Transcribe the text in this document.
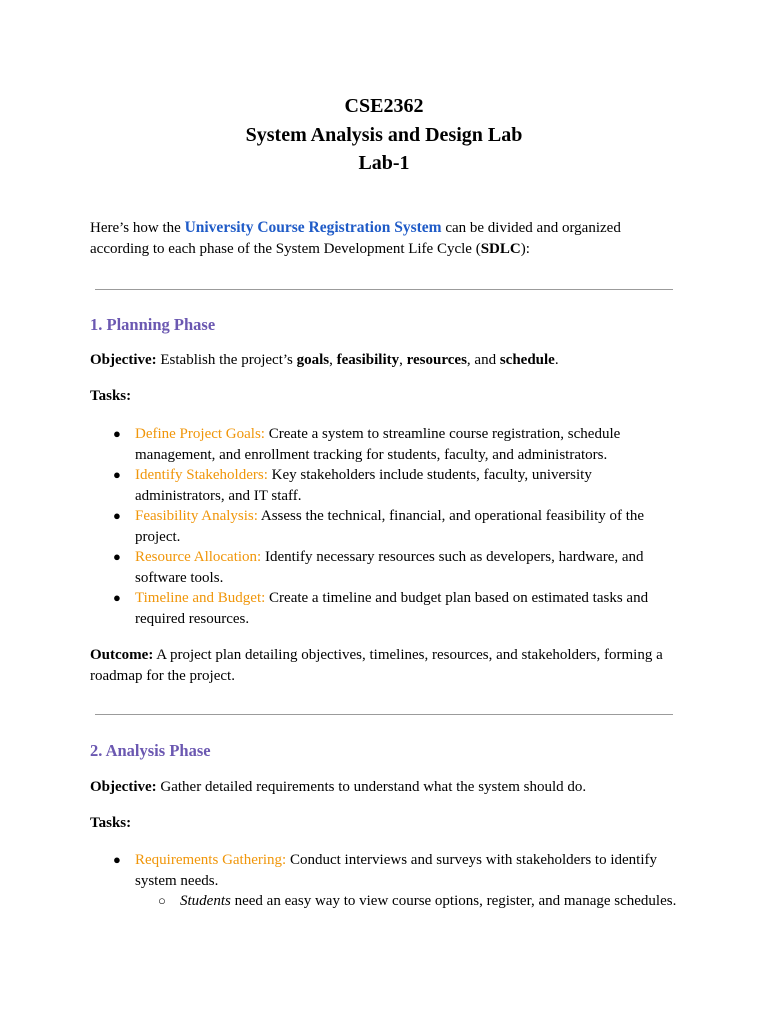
CSE2362
System Analysis and Design Lab
Lab-1

Here’s how the University Course Registration System can be divided and organized according to each phase of the System Development Life Cycle (SDLC):

1. Planning Phase

Objective: Establish the project’s goals, feasibility, resources, and schedule.

Tasks:

● Define Project Goals: Create a system to streamline course registration, schedule management, and enrollment tracking for students, faculty, and administrators.
● Identify Stakeholders: Key stakeholders include students, faculty, university administrators, and IT staff.
● Feasibility Analysis: Assess the technical, financial, and operational feasibility of the project.
● Resource Allocation: Identify necessary resources such as developers, hardware, and software tools.
● Timeline and Budget: Create a timeline and budget plan based on estimated tasks and required resources.

Outcome: A project plan detailing objectives, timelines, resources, and stakeholders, forming a roadmap for the project.

2. Analysis Phase

Objective: Gather detailed requirements to understand what the system should do.

Tasks:

● Requirements Gathering: Conduct interviews and surveys with stakeholders to identify system needs.
○ Students need an easy way to view course options, register, and manage schedules.
